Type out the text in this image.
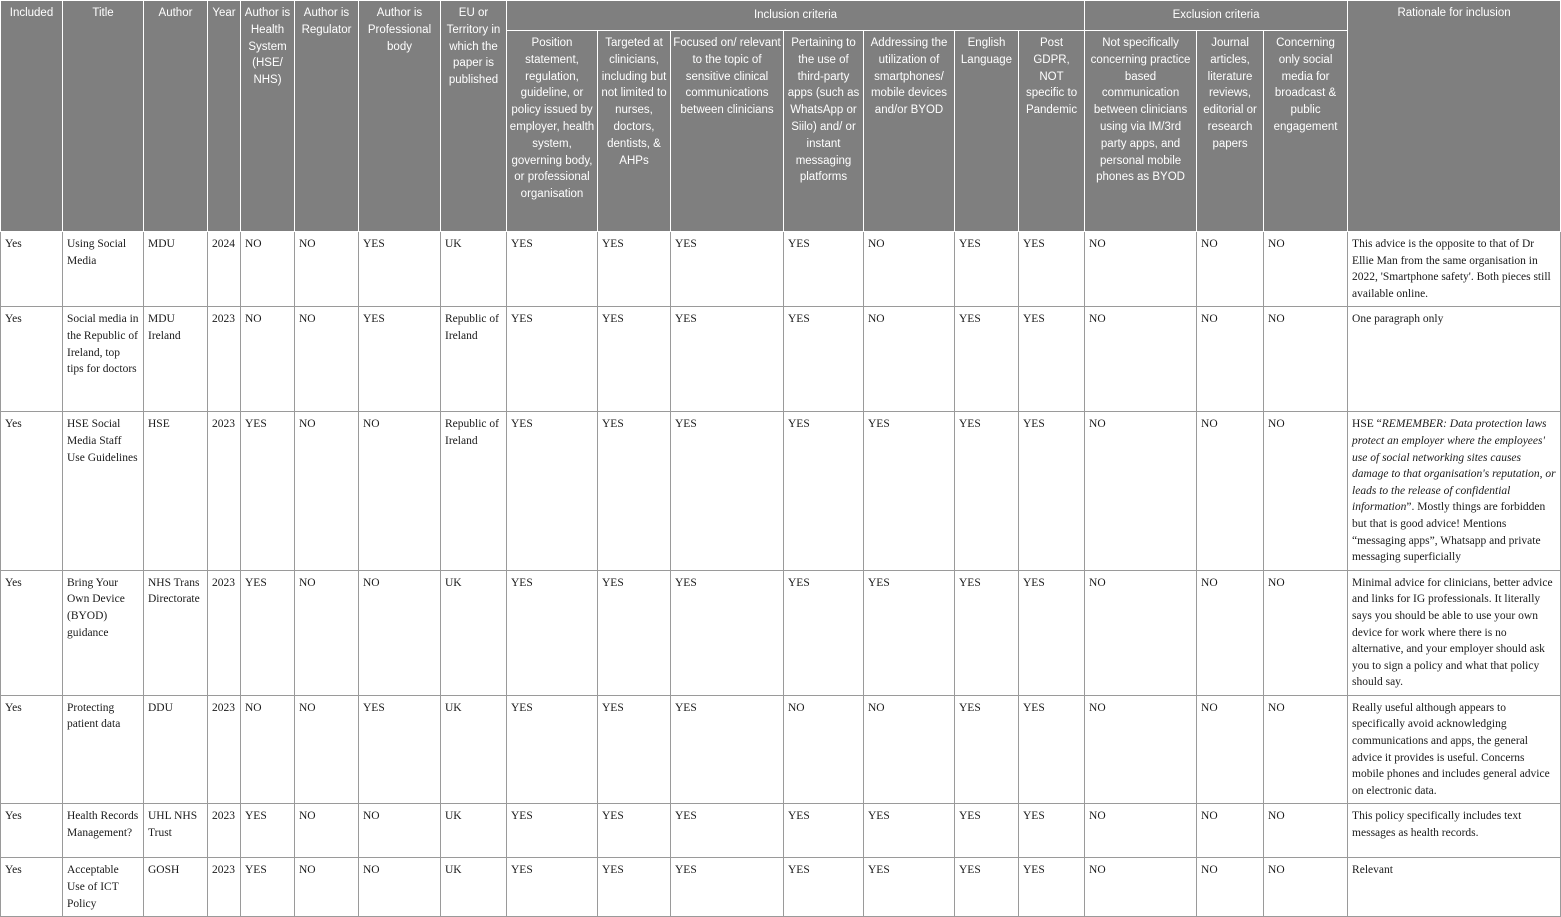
Included	Title	Author	Year	Author is Health System (HSE/ NHS)	Author is Regulator	Author is Professional body	EU or Territory in which the paper is published	Inclusion criteria							Exclusion criteria			Rationale for inclusion
								Position statement, regulation, guideline, or policy issued by employer, health system, governing body, or professional organisation	Targeted at clinicians, including but not limited to nurses, doctors, dentists, & AHPs	Focused on/ relevant to the topic of sensitive clinical communications between clinicians	Pertaining to the use of third-party apps (such as WhatsApp or Siilo) and/ or instant messaging platforms	Addressing the utilization of smartphones/ mobile devices and/or BYOD	English Language	Post GDPR, NOT specific to Pandemic	Not specifically concerning practice based communication between clinicians using via IM/3rd party apps, and personal mobile phones as BYOD	Journal articles, literature reviews, editorial or research papers	Concerning only social media for broadcast & public engagement	
Yes	Using Social Media	MDU	2024	NO	NO	YES	UK	YES	YES	YES	YES	NO	YES	YES	NO	NO	NO	This advice is the opposite to that of Dr Ellie Man from the same organisation in 2022, 'Smartphone safety'. Both pieces still available online.
Yes	Social media in the Republic of Ireland, top tips for doctors	MDU Ireland	2023	NO	NO	YES	Republic of Ireland	YES	YES	YES	YES	NO	YES	YES	NO	NO	NO	One paragraph only
Yes	HSE Social Media Staff Use Guidelines	HSE	2023	YES	NO	NO	Republic of Ireland	YES	YES	YES	YES	YES	YES	YES	NO	NO	NO	HSE “REMEMBER: Data protection laws protect an employer where the employees' use of social networking sites causes damage to that organisation's reputation, or leads to the release of confidential information”. Mostly things are forbidden but that is good advice! Mentions “messaging apps”, Whatsapp and private messaging superficially
Yes	Bring Your Own Device (BYOD) guidance	NHS Trans Directorate	2023	YES	NO	NO	UK	YES	YES	YES	YES	YES	YES	YES	NO	NO	NO	Minimal advice for clinicians, better advice and links for IG professionals. It literally says you should be able to use your own device for work where there is no alternative, and your employer should ask you to sign a policy and what that policy should say.
Yes	Protecting patient data	DDU	2023	NO	NO	YES	UK	YES	YES	YES	NO	NO	YES	YES	NO	NO	NO	Really useful although appears to specifically avoid acknowledging communications and apps, the general advice it provides is useful. Concerns mobile phones and includes general advice on electronic data.
Yes	Health Records Management?	UHL NHS Trust	2023	YES	NO	NO	UK	YES	YES	YES	YES	YES	YES	YES	NO	NO	NO	This policy specifically includes text messages as health records.
Yes	Acceptable Use of ICT Policy	GOSH	2023	YES	NO	NO	UK	YES	YES	YES	YES	YES	YES	YES	NO	NO	NO	Relevant
